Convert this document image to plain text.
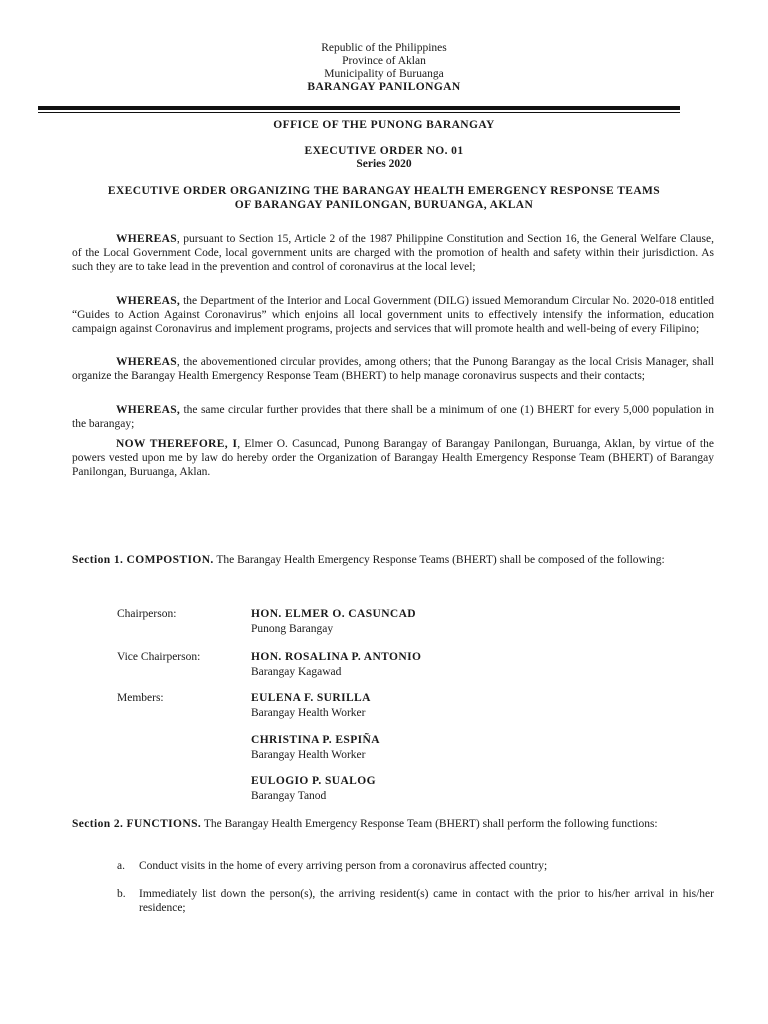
Republic of the Philippines
Province of Aklan
Municipality of Buruanga
BARANGAY PANILONGAN
OFFICE OF THE PUNONG BARANGAY
EXECUTIVE ORDER NO. 01
Series 2020
EXECUTIVE ORDER ORGANIZING THE BARANGAY HEALTH EMERGENCY RESPONSE TEAMS
OF BARANGAY PANILONGAN, BURUANGA, AKLAN

WHEREAS, pursuant to Section 15, Article 2 of the 1987 Philippine Constitution and Section 16, the General Welfare Clause, of the Local Government Code, local government units are charged with the promotion of health and safety within their jurisdiction. As such they are to take lead in the prevention and control of coronavirus at the local level;

WHEREAS, the Department of the Interior and Local Government (DILG) issued Memorandum Circular No. 2020-018 entitled “Guides to Action Against Coronavirus” which enjoins all local government units to effectively intensify the information, education campaign against Coronavirus and implement programs, projects and services that will promote health and well-being of every Filipino;

WHEREAS, the abovementioned circular provides, among others; that the Punong Barangay as the local Crisis Manager, shall organize the Barangay Health Emergency Response Team (BHERT) to help manage coronavirus suspects and their contacts;

WHEREAS, the same circular further provides that there shall be a minimum of one (1) BHERT for every 5,000 population in the barangay;

NOW THEREFORE, I, Elmer O. Casuncad, Punong Barangay of Barangay Panilongan, Buruanga, Aklan, by virtue of the powers vested upon me by law do hereby order the Organization of Barangay Health Emergency Response Team (BHERT) of Barangay Panilongan, Buruanga, Aklan.

Section 1. COMPOSTION. The Barangay Health Emergency Response Teams (BHERT) shall be composed of the following:
Chairperson:	HON. ELMER O. CASUNCAD
Punong Barangay
Vice Chairperson:	HON. ROSALINA P. ANTONIO
Barangay Kagawad
Members:	EULENA F. SURILLA
Barangay Health Worker
CHRISTINA P. ESPIÑA
Barangay Health Worker
EULOGIO P. SUALOG
Barangay Tanod
Section 2. FUNCTIONS. The Barangay Health Emergency Response Team (BHERT) shall perform the following functions:
a. Conduct visits in the home of every arriving person from a coronavirus affected country;
b. Immediately list down the person(s), the arriving resident(s) came in contact with the prior to his/her arrival in his/her residence;
